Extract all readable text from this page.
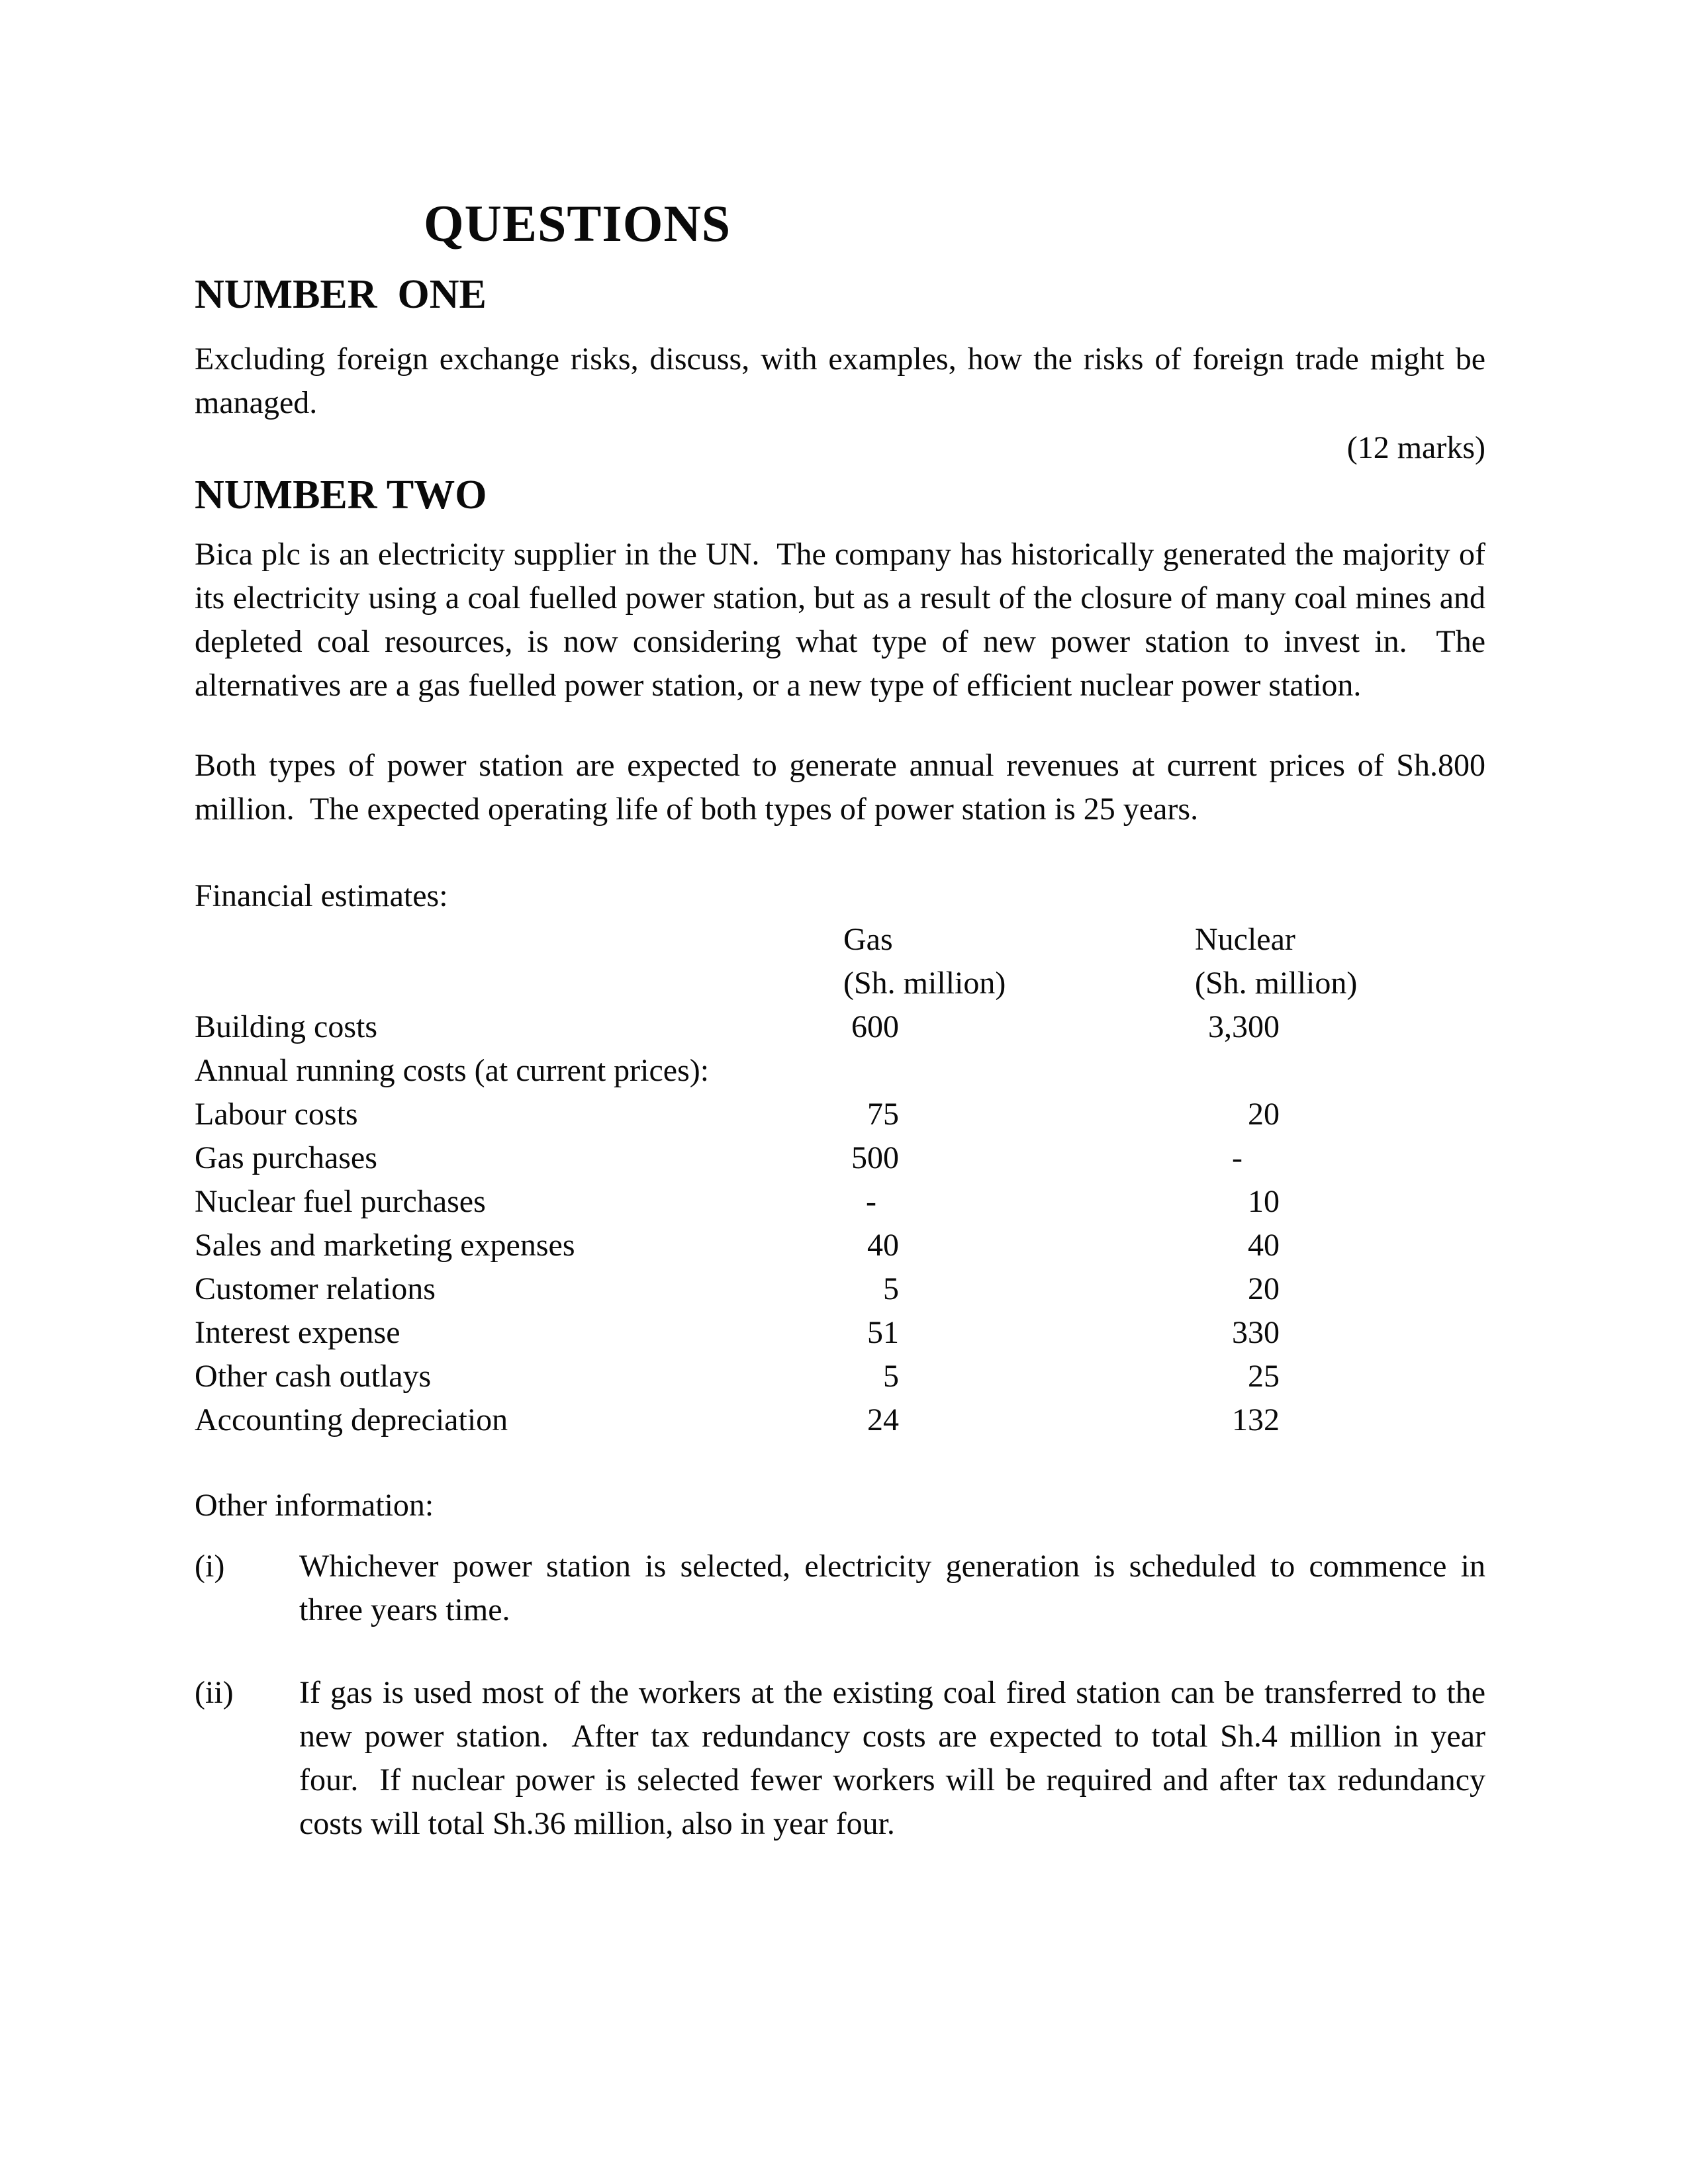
QUESTIONS
NUMBER  ONE

Excluding foreign exchange risks, discuss, with examples, how the risks of foreign trade might be managed.

(12 marks)
NUMBER TWO

Bica plc is an electricity supplier in the UN.  The company has historically generated the majority of its electricity using a coal fuelled power station, but as a result of the closure of many coal mines and depleted coal resources, is now considering what type of new power station to invest in.  The alternatives are a gas fuelled power station, or a new type of efficient nuclear power station.

Both types of power station are expected to generate annual revenues at current prices of Sh.800 million.  The expected operating life of both types of power station is 25 years.

Financial estimates:

Gas	Nuclear
(Sh. million)	(Sh. million)
Building costs	600	3,300
Annual running costs (at current prices):
Labour costs	75	20
Gas purchases	500	-
Nuclear fuel purchases	-	10
Sales and marketing expenses	40	40
Customer relations	5	20
Interest expense	51	330
Other cash outlays	5	25
Accounting depreciation	24	132

Other information:

(i)	Whichever power station is selected, electricity generation is scheduled to commence in three years time.
(ii)	If gas is used most of the workers at the existing coal fired station can be transferred to the new power station.  After tax redundancy costs are expected to total Sh.4 million in year four.  If nuclear power is selected fewer workers will be required and after tax redundancy costs will total Sh.36 million, also in year four.
